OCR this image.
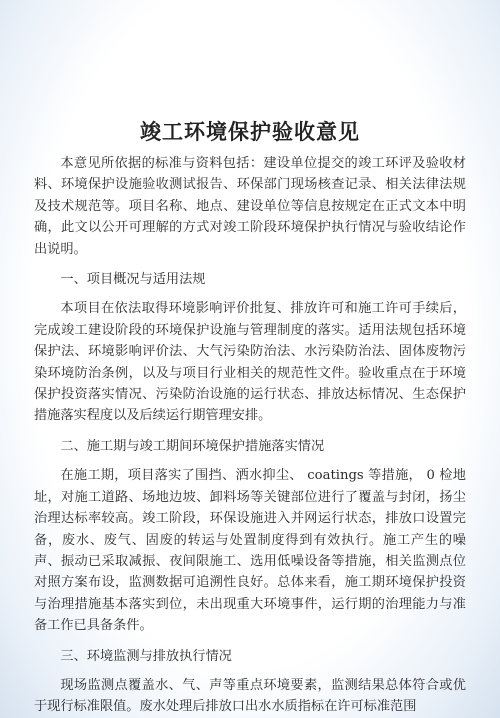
竣工环境保护验收意见

本意见所依据的标准与资料包括：建设单位提交的竣工环评及验收材料、环境保护设施验收测试报告、环保部门现场核查记录、相关法律法规及技术规范等。项目名称、地点、建设单位等信息按规定在正式文本中明确，此文以公开可理解的方式对竣工阶段环境保护执行情况与验收结论作出说明。

一、项目概况与适用法规

本项目在依法取得环境影响评价批复、排放许可和施工许可手续后，完成竣工建设阶段的环境保护设施与管理制度的落实。适用法规包括环境保护法、环境影响评价法、大气污染防治法、水污染防治法、固体废物污染环境防治条例，以及与项目行业相关的规范性文件。验收重点在于环境保护投资落实情况、污染防治设施的运行状态、排放达标情况、生态保护措施落实程度以及后续运行期管理安排。

二、施工期与竣工期间环境保护措施落实情况

在施工期，项目落实了围挡、洒水抑尘、 coatings 等措施， 0 检地址，对施工道路、场地边坡、卸料场等关键部位进行了覆盖与封闭，扬尘治理达标率较高。竣工阶段，环保设施进入并网运行状态，排放口设置完备，废水、废气、固废的转运与处置制度得到有效执行。施工产生的噪声、振动已采取减振、夜间限施工、选用低噪设备等措施，相关监测点位对照方案布设，监测数据可追溯性良好。总体来看，施工期环境保护投资与治理措施基本落实到位，未出现重大环境事件，运行期的治理能力与准备工作已具备条件。

三、环境监测与排放执行情况

现场监测点覆盖水、气、声等重点环境要素，监测结果总体符合或优于现行标准限值。废水处理后排放口出水水质指标在许可标准范围
